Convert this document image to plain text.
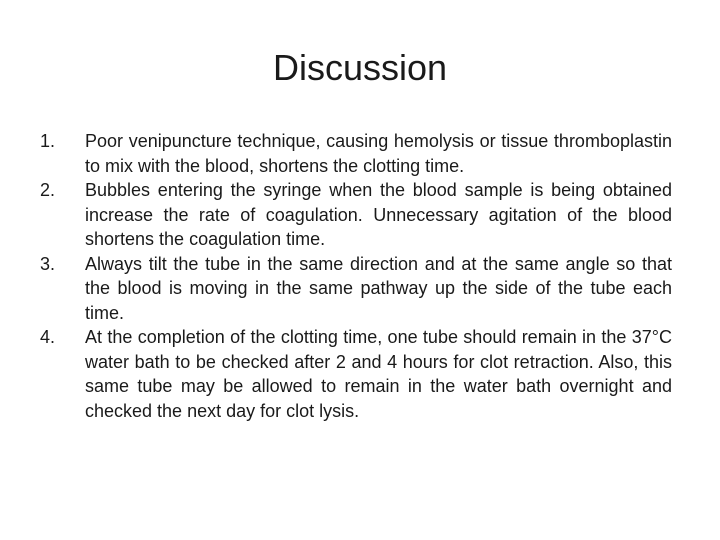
Discussion
1.	Poor venipuncture technique, causing hemolysis or tissue thromboplastin to mix with the blood, shortens the clotting time.
2.	Bubbles entering the syringe when the blood sample is being obtained increase the rate of coagulation. Unnecessary agitation of the blood shortens the coagulation time.
3.	Always tilt the tube in the same direction and at the same angle so that the blood is moving in the same pathway up the side of the tube each time.
4.	At the completion of the clotting time, one tube should remain in the 37°C water bath to be checked after 2 and 4 hours for clot retraction. Also, this same tube may be allowed to remain in the water bath overnight and checked the next day for clot lysis.
